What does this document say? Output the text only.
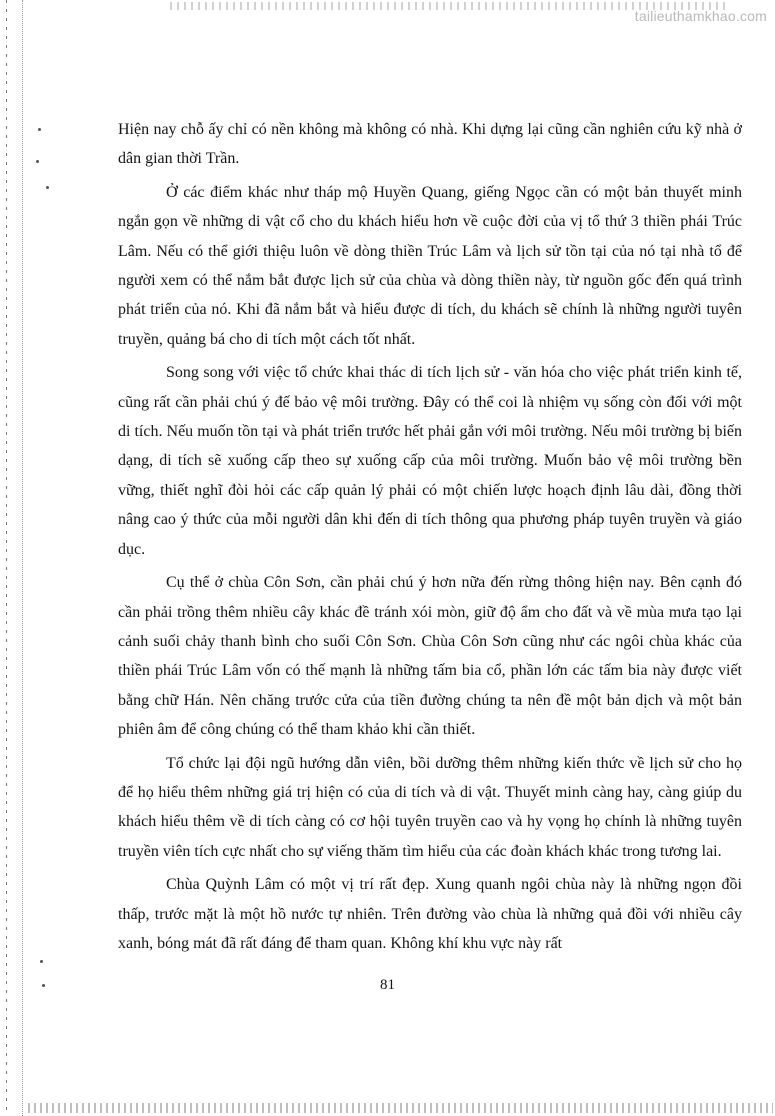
tailieuthamkhao.com

Hiện nay chỗ ấy chỉ có nền không mà không có nhà. Khi dựng lại cũng cần nghiên cứu kỹ nhà ở dân gian thời Trần.

Ở các điểm khác như tháp mộ Huyền Quang, giếng Ngọc cần có một bản thuyết minh ngắn gọn về những di vật cổ cho du khách hiểu hơn về cuộc đời của vị tổ thứ 3 thiền phái Trúc Lâm. Nếu có thể giới thiệu luôn về dòng thiền Trúc Lâm và lịch sử tồn tại của nó tại nhà tổ để người xem có thể nắm bắt được lịch sử của chùa và dòng thiền này, từ nguồn gốc đến quá trình phát triển của nó. Khi đã nắm bắt và hiểu được di tích, du khách sẽ chính là những người tuyên truyền, quảng bá cho di tích một cách tốt nhất.

Song song với việc tổ chức khai thác di tích lịch sử - văn hóa cho việc phát triển kinh tế, cũng rất cần phải chú ý đế bảo vệ môi trường. Đây có thể coi là nhiệm vụ sống còn đối với một di tích. Nếu muốn tồn tại và phát triển trước hết phải gắn với môi trường. Nếu môi trường bị biến dạng, di tích sẽ xuống cấp theo sự xuống cấp của môi trường. Muốn bảo vệ môi trường bền vững, thiết nghĩ đòi hỏi các cấp quản lý phải có một chiến lược hoạch định lâu dài, đồng thời nâng cao ý thức của mỗi người dân khi đến di tích thông qua phương pháp tuyên truyền và giáo dục.

Cụ thể ở chùa Côn Sơn, cần phải chú ý hơn nữa đến rừng thông hiện nay. Bên cạnh đó cần phải trồng thêm nhiều cây khác đề tránh xói mòn, giữ độ ẩm cho đất và về mùa mưa tạo lại cảnh suối chảy thanh bình cho suối Côn Sơn. Chùa Côn Sơn cũng như các ngôi chùa khác của thiền phái Trúc Lâm vốn có thế mạnh là những tấm bia cổ, phần lớn các tấm bia này được viết bằng chữ Hán. Nên chăng trước cửa của tiền đường chúng ta nên đề một bản dịch và một bản phiên âm để công chúng có thể tham khảo khi cần thiết.

Tổ chức lại đội ngũ hướng dẫn viên, bồi dưỡng thêm những kiến thức về lịch sử cho họ để họ hiểu thêm những giá trị hiện có của di tích và di vật. Thuyết minh càng hay, càng giúp du khách hiểu thêm về di tích càng có cơ hội tuyên truyền cao và hy vọng họ chính là những tuyên truyền viên tích cực nhất cho sự viếng thăm tìm hiểu của các đoàn khách khác trong tương lai.

Chùa Quỳnh Lâm có một vị trí rất đẹp. Xung quanh ngôi chùa này là những ngọn đồi thấp, trước mặt là một hồ nước tự nhiên. Trên đường vào chùa là những quả đồi với nhiều cây xanh, bóng mát đã rất đáng để tham quan. Không khí khu vực này rất

81
